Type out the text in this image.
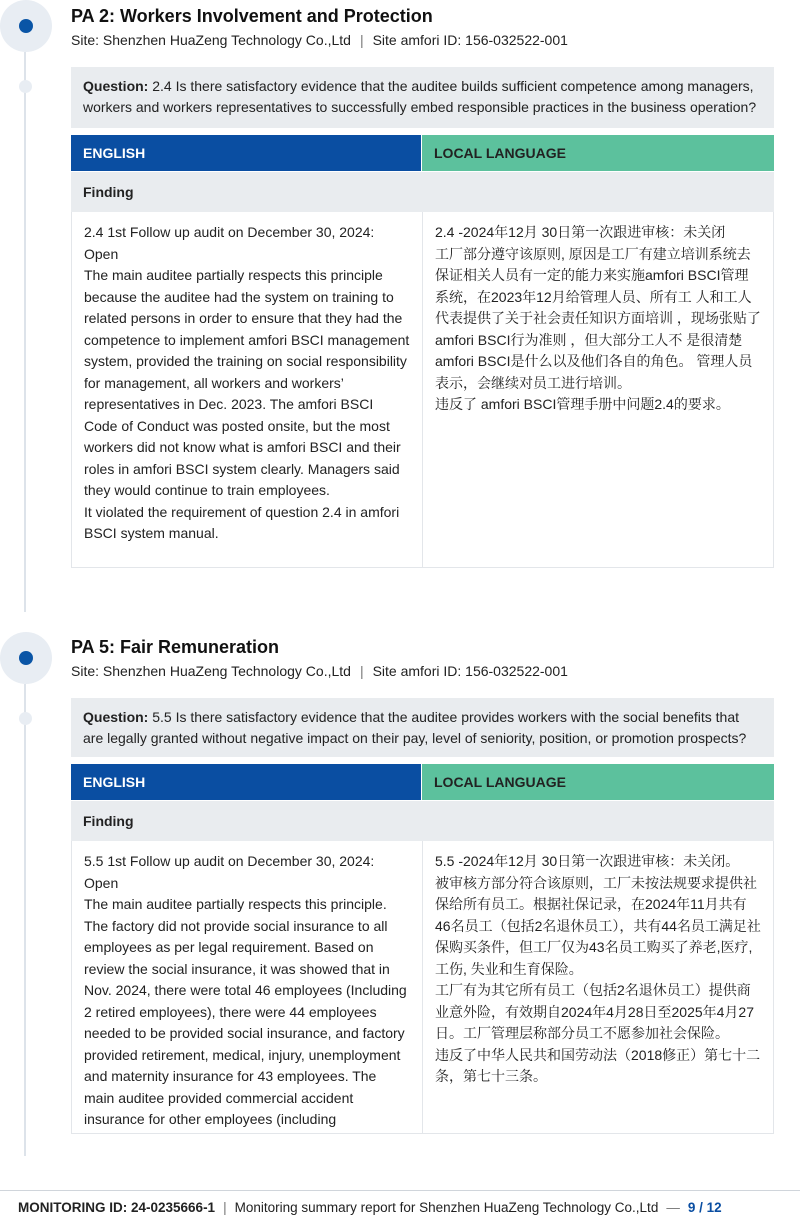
PA 2: Workers Involvement and Protection
Site: Shenzhen HuaZeng Technology Co.,Ltd | Site amfori ID: 156-032522-001
Question: 2.4 Is there satisfactory evidence that the auditee builds sufficient competence among managers, workers and workers representatives to successfully embed responsible practices in the business operation?
ENGLISH	LOCAL LANGUAGE
Finding
2.4 1st Follow up audit on December 30, 2024: Open
The main auditee partially respects this principle because the auditee had the system on training to related persons in order to ensure that they had the competence to implement amfori BSCI management system, provided the training on social responsibility for management, all workers and workers’ representatives in Dec. 2023. The amfori BSCI Code of Conduct was posted onsite, but the most workers did not know what is amfori BSCI and their roles in amfori BSCI system clearly. Managers said they would continue to train employees.
It violated the requirement of question 2.4 in amfori BSCI system manual.
2.4 -2024年12月 30日第一次跟进审核：未关闭
工厂部分遵守该原则, 原因是工厂有建立培训系统去保证相关人员有一定的能力来实施amfori BSCI管理系统，在2023年12月给管理人员、所有工 人和工人代表提供了关于社会责任知识方面培训 ，现场张贴了amfori BSCI行为准则 ，但大部分工人不 是很清楚amfori BSCI是什么以及他们各自的角色。 管理人员表示，会继续对员工进行培训。
违反了 amfori BSCI管理手册中问题2.4的要求。
PA 5: Fair Remuneration
Site: Shenzhen HuaZeng Technology Co.,Ltd | Site amfori ID: 156-032522-001
Question: 5.5 Is there satisfactory evidence that the auditee provides workers with the social benefits that are legally granted without negative impact on their pay, level of seniority, position, or promotion prospects?
ENGLISH	LOCAL LANGUAGE
Finding
5.5 1st Follow up audit on December 30, 2024: Open
The main auditee partially respects this principle. The factory did not provide social insurance to all employees as per legal requirement. Based on review the social insurance, it was showed that in Nov. 2024, there were total 46 employees (Including 2 retired employees), there were 44 employees needed to be provided social insurance, and factory provided retirement, medical, injury, unemployment and maternity insurance for 43 employees. The main auditee provided commercial accident insurance for other employees (including
5.5 -2024年12月 30日第一次跟进审核：未关闭。
被审核方部分符合该原则，工厂未按法规要求提供社保给所有员工。根据社保记录，在2024年11月共有46名员工（包括2名退休员工），共有44名员工满足社保购买条件，但工厂仅为43名员工购买了养老,医疗,工伤, 失业和生育保险。
工厂有为其它所有员工（包括2名退休员工）提供商业意外险，有效期自2024年4月28日至2025年4月27日。工厂管理层称部分员工不愿参加社会保险。
违反了中华人民共和国劳动法（2018修正）第七十二条，第七十三条。
MONITORING ID: 24-0235666-1 | Monitoring summary report for Shenzhen HuaZeng Technology Co.,Ltd — 9 / 12
